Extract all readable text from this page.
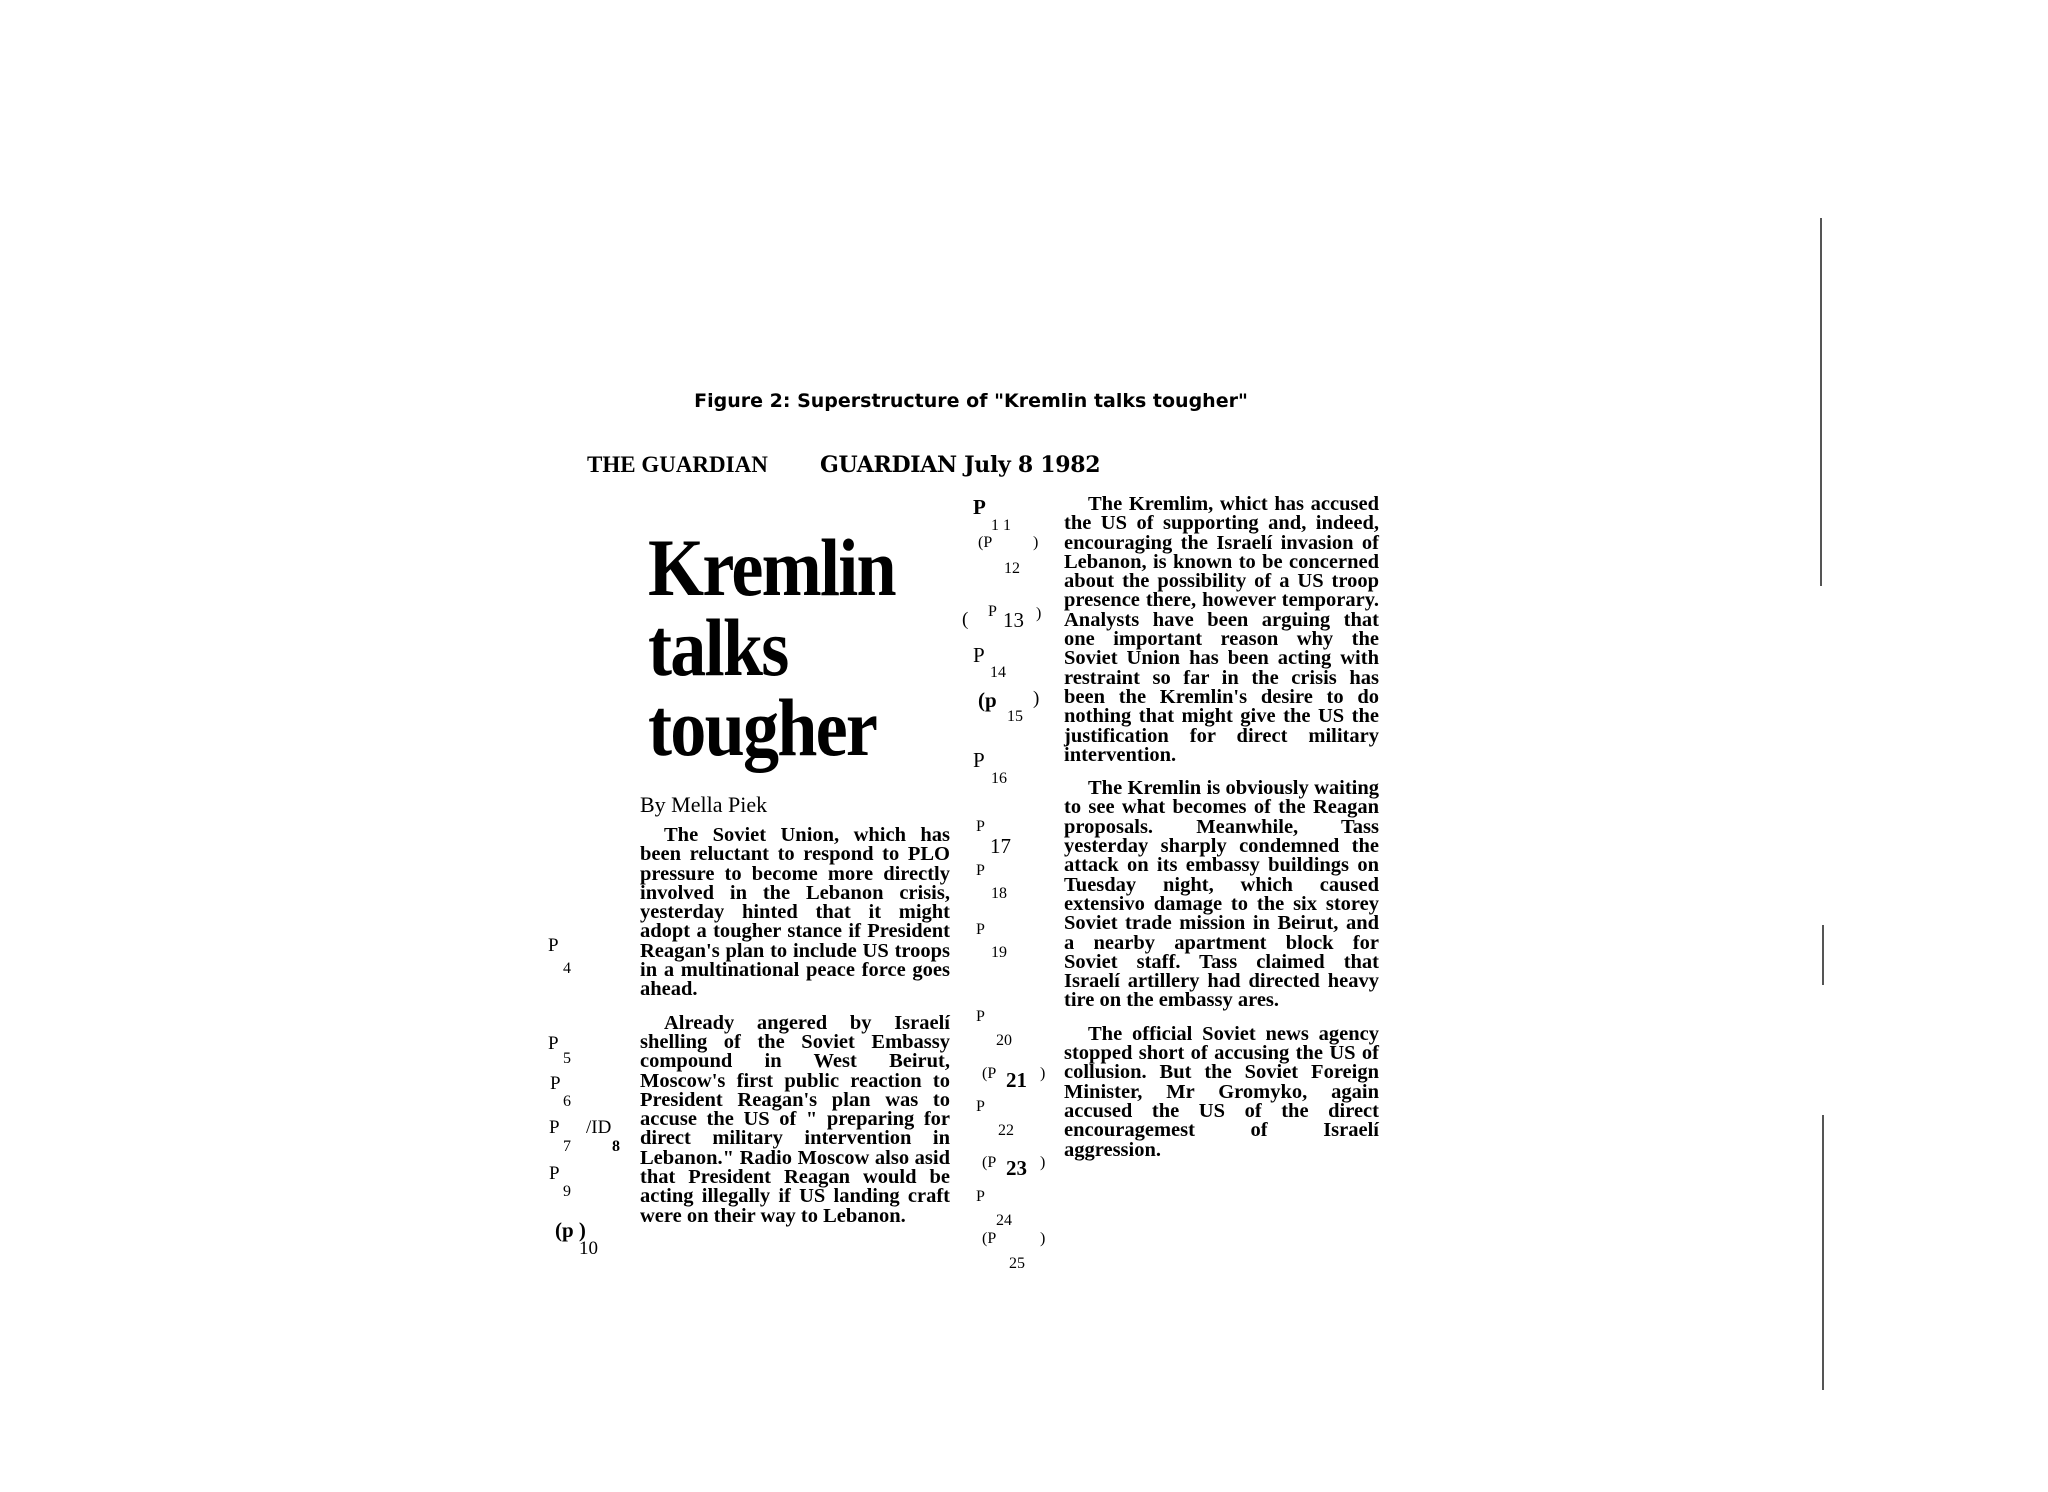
Figure 2: Superstructure of "Kremlin talks tougher"
THE GUARDIAN GUARDIAN July 8 1982
Kremlin
talks
tougher
By Mella Piek

The Soviet Union, which has been reluctant to respond to PLO pressure to become more directly involved in the Lebanon crisis, yesterday hinted that it might adopt a tougher stance if President Reagan's plan to include US troops in a multinational peace force goes ahead.

Already angered by Israelí shelling of the Soviet Embassy compound in West Beirut, Moscow's first public reaction to President Reagan's plan was to accuse the US of " preparing for direct military intervention in Lebanon." Radio Moscow also asid that President Reagan would be acting illegally if US landing craft were on their way to Lebanon.

The Kremlim, whict has accused the US of supporting and, indeed, encouraging the Israelí invasion of Lebanon, is known to be concerned about the possibility of a US troop presence there, however temporary. Analysts have been arguing that one important reason why the Soviet Union has been acting with restraint so far in the crisis has been the Kremlin's desire to do nothing that might give the US the justification for direct military intervention.

The Kremlin is obviously waiting to see what becomes of the Reagan proposals. Meanwhile, Tass yesterday sharply condemned the attack on its embassy buildings on Tuesday night, which caused extensivo damage to the six storey Soviet trade mission in Beirut, and a nearby apartment block for Soviet staff. Tass claimed that Israelí artillery had directed heavy tire on the embassy ares.

The official Soviet news agency stopped short of accusing the US of collusion. But the Soviet Foreign Minister, Mr Gromyko, again accused the US of the direct encouragemest of Israelí aggression.

P
4
P
5
P
6
P /ID
7	8
P
9
(p )
10
P
1 1
(P	)
12
( P 13 )
P
14
(p )
15
P
16
P
17
P
18
P
19
P
20
(P 21 )
P
22
(P 23 )
P
24
(P	)
25
